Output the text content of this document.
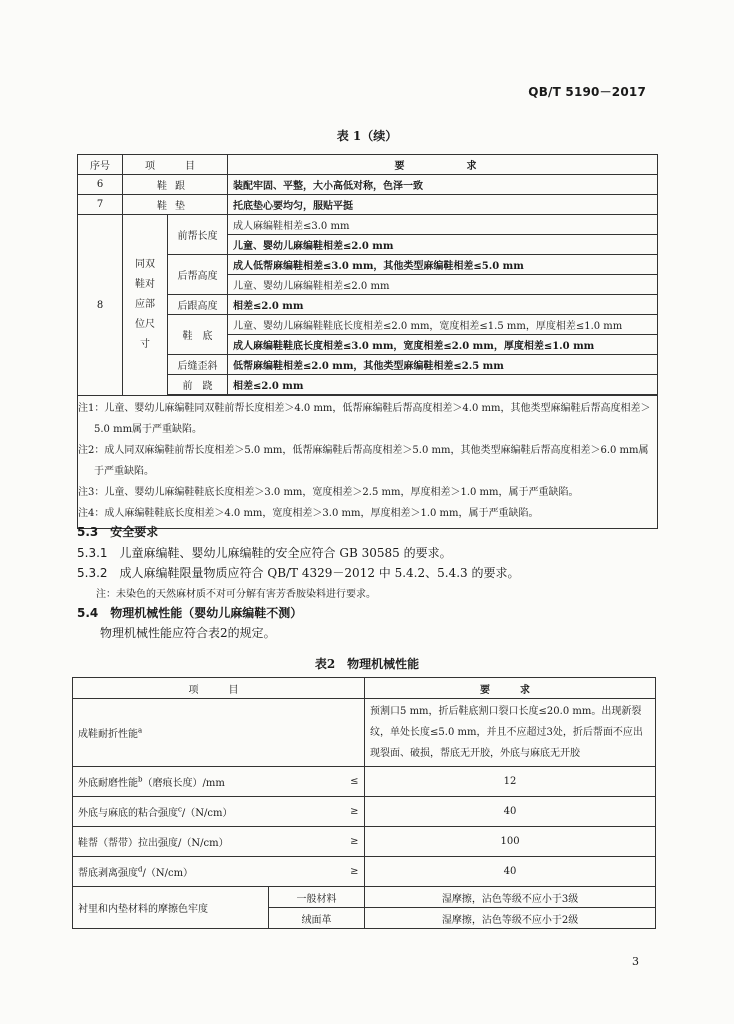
QB/T 5190－2017
表 1（续）
序号	项　目		要　　求
6	鞋跟		装配牢固、平整，大小高低对称，色泽一致
7	鞋垫		托底垫心要均匀，服贴平挺
8	同双
鞋对
应部
位尺
寸	前帮长度	成人麻编鞋相差≤3.0 mm
			儿童、婴幼儿麻编鞋相差≤2.0 mm
		后帮高度	成人低帮麻编鞋相差≤3.0 mm，其他类型麻编鞋相差≤5.0 mm
			儿童、婴幼儿麻编鞋相差≤2.0 mm
		后跟高度	相差≤2.0 mm
		鞋　底	儿童、婴幼儿麻编鞋鞋底长度相差≤2.0 mm，宽度相差≤1.5 mm，厚度相差≤1.0 mm
			成人麻编鞋鞋底长度相差≤3.0 mm，宽度相差≤2.0 mm，厚度相差≤1.0 mm
		后缝歪斜	低帮麻编鞋相差≤2.0 mm，其他类型麻编鞋相差≤2.5 mm
		前　跷	相差≤2.0 mm

注1：儿童、婴幼儿麻编鞋同双鞋前帮长度相差＞4.0 mm，低帮麻编鞋后帮高度相差＞4.0 mm，其他类型麻编鞋后帮高度相差＞5.0 mm属于严重缺陷。
注2：成人同双麻编鞋前帮长度相差＞5.0 mm，低帮麻编鞋后帮高度相差＞5.0 mm，其他类型麻编鞋后帮高度相差＞6.0 mm属于严重缺陷。
注3：儿童、婴幼儿麻编鞋鞋底长度相差＞3.0 mm，宽度相差＞2.5 mm，厚度相差＞1.0 mm，属于严重缺陷。
注4：成人麻编鞋鞋底长度相差＞4.0 mm，宽度相差＞3.0 mm，厚度相差＞1.0 mm，属于严重缺陷。			
5.3 安全要求
5.3.1 儿童麻编鞋、婴幼儿麻编鞋的安全应符合 GB 30585 的要求。
5.3.2 成人麻编鞋限量物质应符合 QB/T 4329－2012 中 5.4.2、5.4.3 的要求。
注：未染色的天然麻材质不对可分解有害芳香胺染料进行要求。
5.4 物理机械性能（婴幼儿麻编鞋不测）
物理机械性能应符合表2的规定。
表2　物理机械性能
项　目			要　求
成鞋耐折性能$^a$			预割口5 mm，折后鞋底割口裂口长度≤20.0 mm。出现新裂纹，单处长度≤5.0 mm，并且不应超过3处，折后帮面不应出现裂面、破损，帮底无开胶，外底与麻底无开胶
外底耐磨性能$^b$（磨痕长度）/mm		≤	12
外底与麻底的粘合强度$^c$/（N/cm）		≥	40
鞋帮（帮带）拉出强度/（N/cm）		≥	100
帮底剥离强度$^d$/（N/cm）		≥	40
衬里和内垫材料的摩擦色牢度	一般材料		湿摩擦，沾色等级不应小于3级
	绒面革		湿摩擦，沾色等级不应小于2级
3
